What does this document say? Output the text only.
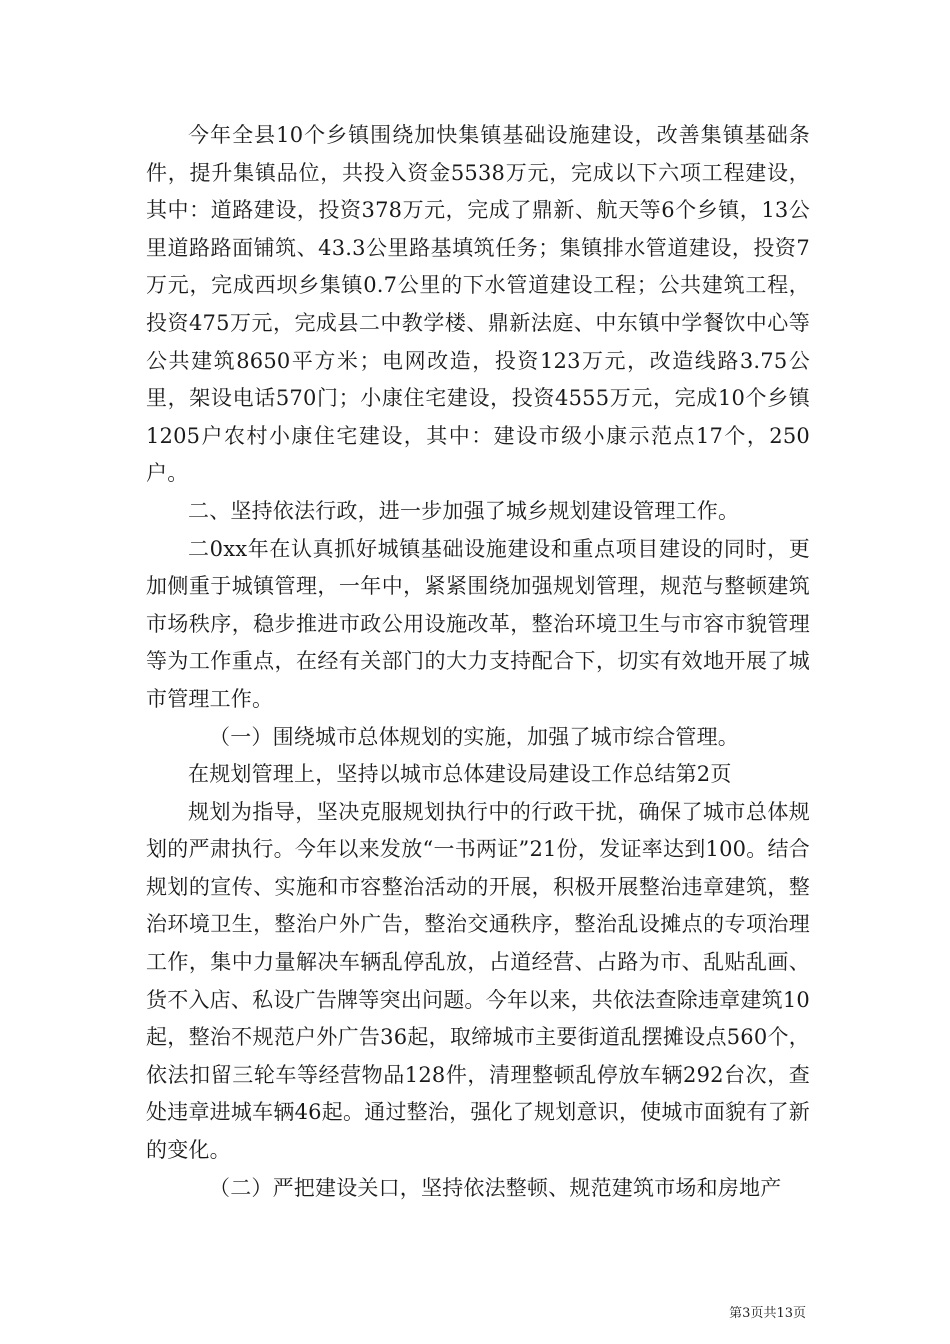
今年全县10个乡镇围绕加快集镇基础设施建设，改善集镇基础条件，提升集镇品位，共投入资金5538万元，完成以下六项工程建设，其中：道路建设，投资378万元，完成了鼎新、航天等6个乡镇，13公里道路路面铺筑、43.3公里路基填筑任务；集镇排水管道建设，投资7万元，完成西坝乡集镇0.7公里的下水管道建设工程；公共建筑工程，投资475万元，完成县二中教学楼、鼎新法庭、中东镇中学餐饮中心等公共建筑8650平方米；电网改造，投资123万元，改造线路3.75公里，架设电话570门；小康住宅建设，投资4555万元，完成10个乡镇1205户农村小康住宅建设，其中：建设市级小康示范点17个，250户。

二、坚持依法行政，进一步加强了城乡规划建设管理工作。

二0xx年在认真抓好城镇基础设施建设和重点项目建设的同时，更加侧重于城镇管理，一年中，紧紧围绕加强规划管理，规范与整顿建筑市场秩序，稳步推进市政公用设施改革，整治环境卫生与市容市貌管理等为工作重点，在经有关部门的大力支持配合下，切实有效地开展了城市管理工作。

（一）围绕城市总体规划的实施，加强了城市综合管理。

在规划管理上，坚持以城市总体建设局建设工作总结第2页

规划为指导，坚决克服规划执行中的行政干扰，确保了城市总体规划的严肃执行。今年以来发放“一书两证”21份，发证率达到100。结合规划的宣传、实施和市容整治活动的开展，积极开展整治违章建筑，整治环境卫生，整治户外广告，整治交通秩序，整治乱设摊点的专项治理工作，集中力量解决车辆乱停乱放，占道经营、占路为市、乱贴乱画、货不入店、私设广告牌等突出问题。今年以来，共依法查除违章建筑10起，整治不规范户外广告36起，取缔城市主要街道乱摆摊设点560个，依法扣留三轮车等经营物品128件，清理整顿乱停放车辆292台次，查处违章进城车辆46起。通过整治，强化了规划意识，使城市面貌有了新的变化。

（二）严把建设关口，坚持依法整顿、规范建筑市场和房地产

第3页共13页
